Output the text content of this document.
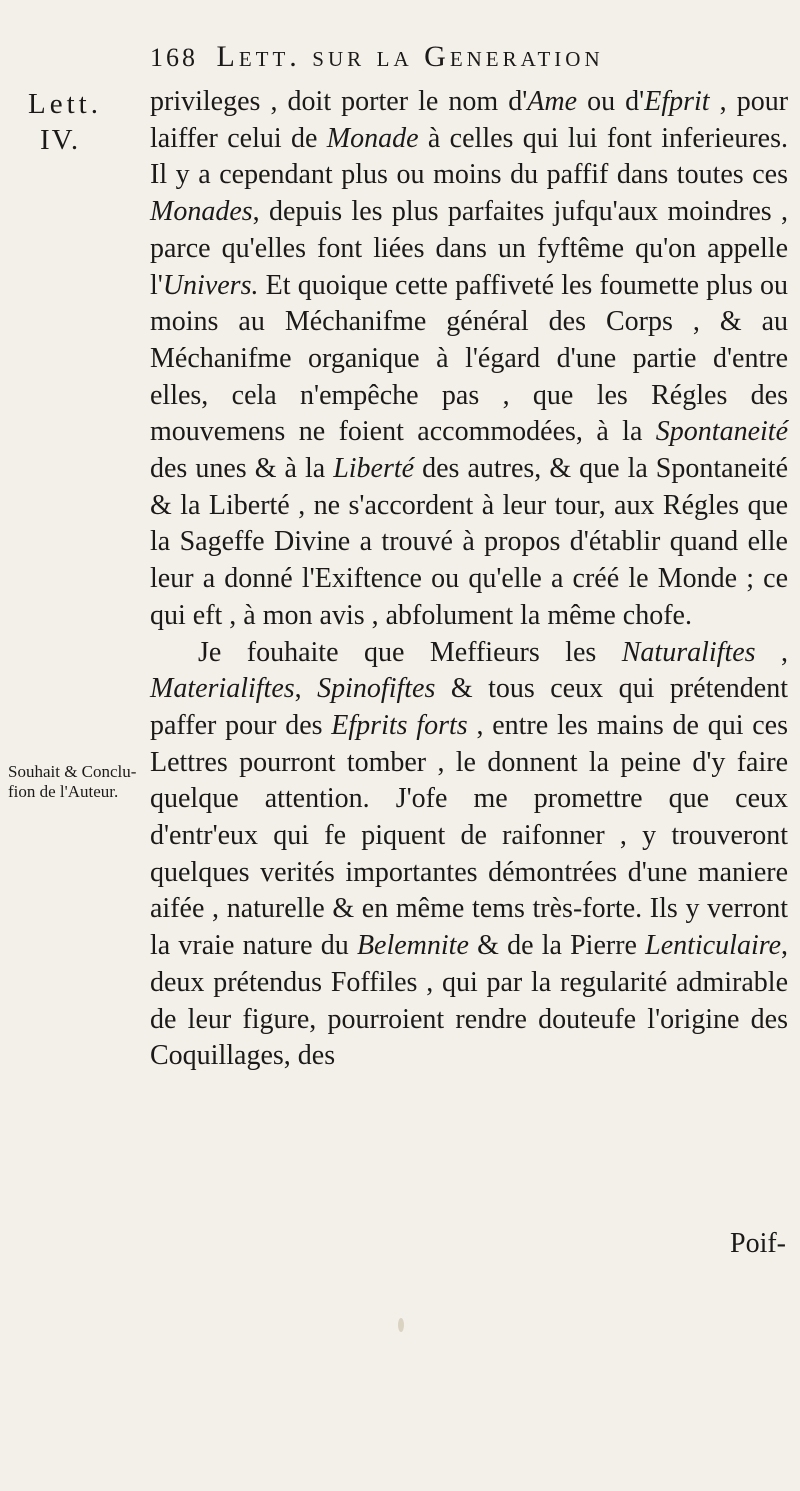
168 Lett. sur la Generation
Lett.
IV.
Souhait & Conclu-fion de l'Auteur.

privileges , doit porter le nom d'Ame ou d'Efprit , pour laiffer celui de Monade à celles qui lui font inferieures. Il y a cependant plus ou moins du paffif dans toutes ces Monades, depuis les plus parfaites jufqu'aux moindres , parce qu'elles font liées dans un fyftême qu'on appelle l'Univers. Et quoique cette paffiveté les foumette plus ou moins au Méchanifme général des Corps , & au Méchanifme organique à l'égard d'une partie d'entre elles, cela n'empêche pas , que les Régles des mouvemens ne foient accommodées, à la Spontaneité des unes & à la Liberté des autres, & que la Spontaneité & la Liberté , ne s'accordent à leur tour, aux Régles que la Sageffe Divine a trouvé à propos d'établir quand elle leur a donné l'Exiftence ou qu'elle a créé le Monde ; ce qui eft , à mon avis , abfolument la même chofe.

Je fouhaite que Meffieurs les Naturaliftes , Materialiftes, Spinofiftes & tous ceux qui prétendent paffer pour des Efprits forts , entre les mains de qui ces Lettres pourront tomber , le donnent la peine d'y faire quelque attention. J'ofe me promettre que ceux d'entr'eux qui fe piquent de raifonner , y trouveront quelques verités importantes démontrées d'une maniere aifée , naturelle & en même tems très-forte. Ils y verront la vraie nature du Belemnite & de la Pierre Lenticulaire, deux prétendus Foffiles , qui par la regularité admirable de leur figure, pourroient rendre douteufe l'origine des Coquillages, des

Poif-
